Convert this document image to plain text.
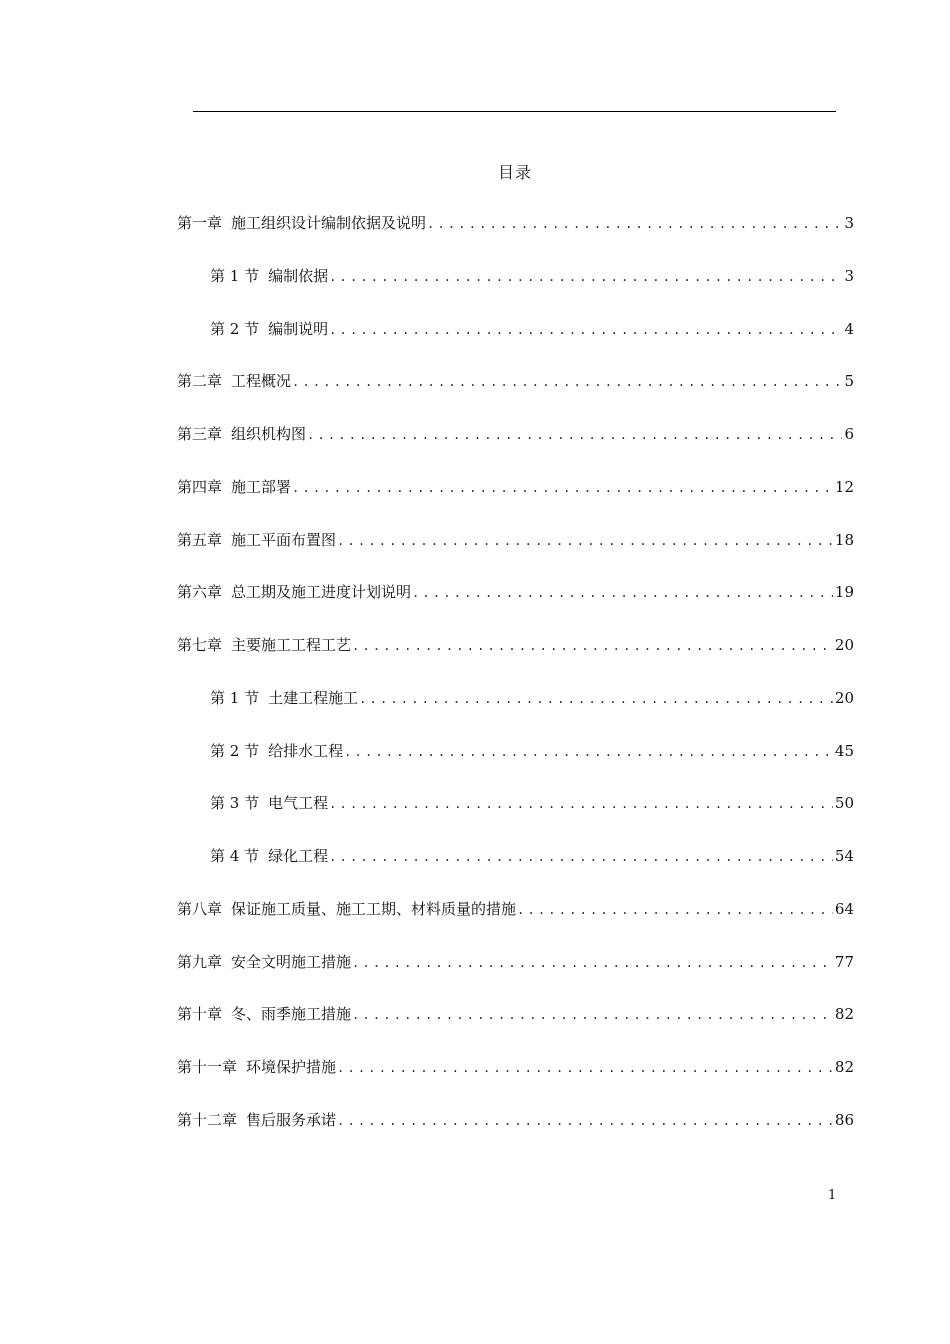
目录
第一章 施工组织设计编制依据及说明 .....	3
第 1 节 编制依据 .....	3
第 2 节 编制说明 .....	4
第二章 工程概况 .....	5
第三章 组织机构图 .....	6
第四章 施工部署 .....	12
第五章 施工平面布置图 .....	18
第六章 总工期及施工进度计划说明 .....	19
第七章 主要施工工程工艺 .....	20
第 1 节 土建工程施工 .....	20
第 2 节 给排水工程 .....	45
第 3 节 电气工程 .....	50
第 4 节 绿化工程 .....	54
第八章 保证施工质量、施工工期、材料质量的措施 .....	64
第九章 安全文明施工措施 .....	77
第十章 冬、雨季施工措施 .....	82
第十一章 环境保护措施 .....	82
第十二章 售后服务承诺 .....	86
1
